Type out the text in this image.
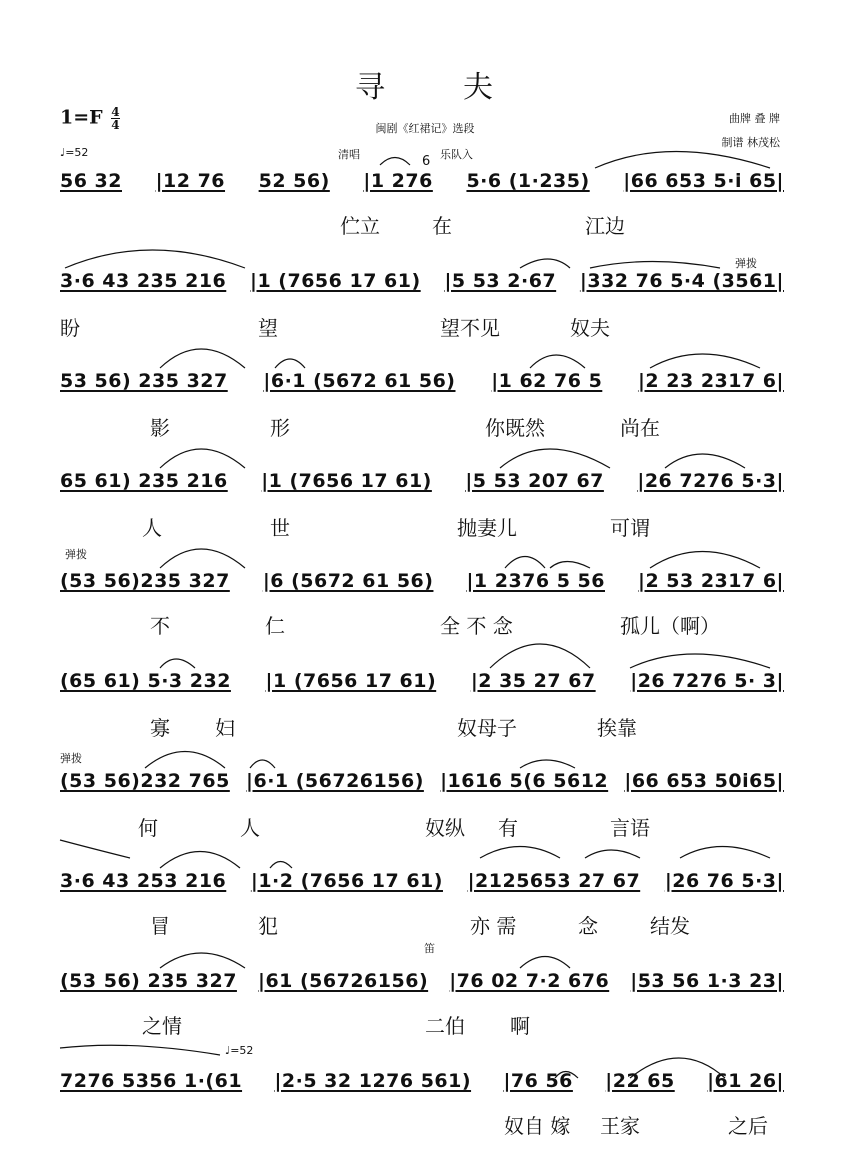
寻	夫
$1=F \frac{4}{4}$	闽剧《红裙记》选段
曲牌 叠 牌
制谱 林茂松
♩=52
♩=52
清唱	6 乐队入
弹拨
弹拨
弹拨
笛
56 32 |12 76 52 56) |1 276 5·6 (1·235) |66 653 5·i 65|
伫立	在	江边
3·6 43 235 216 |1 (7656 17 61) |5 53 2·67 |332 76 5·4 (3561|
盼	望	望不见	奴夫
53 56) 235 327 |6·1 (5672 61 56) |1 62 76 5 |2 23 2317 6|
影	形	你既然	尚在
65 61) 235 216 |1 (7656 17 61) |5 53 207 67 |26 7276 5·3|
人	世	抛妻儿	可谓
(53 56)235 327 |6 (5672 61 56) |1 2376 5 56 |2 53 2317 6|
不	仁	全 不 念	孤儿（啊）
(65 61) 5·3 232 |1 (7656 17 61) |2 35 27 67 |26 7276 5· 3|
寡 妇	奴母子	挨靠
(53 56)232 765 |6·1 (56726156) |1616 5(6 5612 |66 653 50i65|
何	人	奴纵 有	言语
3·6 43 253 216 |1·2 (7656 17 61) |2125653 27 67 |26 76 5·3|
冒	犯	亦 需	念	结发
(53 56) 235 327 |61 (56726156) |76 02 7·2 676 |53 56 1·3 23|
之情	二伯 啊
7276 5356 1·(61 |2·5 32 1276 561) |76 56 |22 65 |61 26|
奴自 嫁 王家	之后
